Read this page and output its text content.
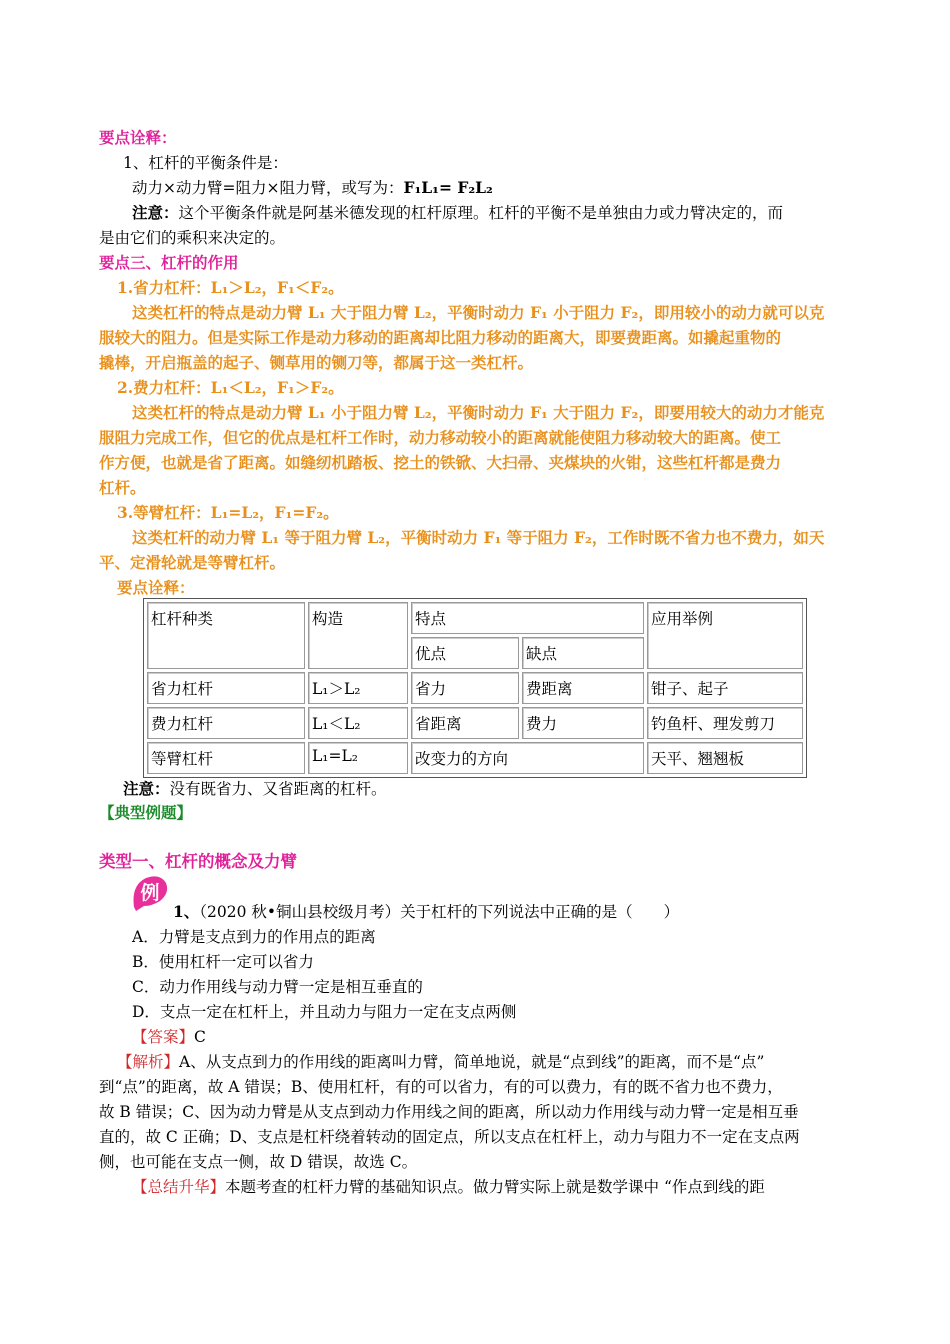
要点诠释：
1、杠杆的平衡条件是：
动力×动力臂=阻力×阻力臂，或写为：F₁L₁= F₂L₂
注意：这个平衡条件就是阿基米德发现的杠杆原理。杠杆的平衡不是单独由力或力臂决定的，而
是由它们的乘积来决定的。
要点三、杠杆的作用
1.省力杠杆：L₁＞L₂，F₁＜F₂。
这类杠杆的特点是动力臂 L₁ 大于阻力臂 L₂，平衡时动力 F₁ 小于阻力 F₂，即用较小的动力就可以克
服较大的阻力。但是实际工作是动力移动的距离却比阻力移动的距离大，即要费距离。如撬起重物的
撬棒，开启瓶盖的起子、铡草用的铡刀等，都属于这一类杠杆。
2.费力杠杆：L₁＜L₂，F₁＞F₂。
这类杠杆的特点是动力臂 L₁ 小于阻力臂 L₂，平衡时动力 F₁ 大于阻力 F₂，即要用较大的动力才能克
服阻力完成工作，但它的优点是杠杆工作时，动力移动较小的距离就能使阻力移动较大的距离。使工
作方便，也就是省了距离。如缝纫机踏板、挖土的铁锨、大扫帚、夹煤块的火钳，这些杠杆都是费力
杠杆。
3.等臂杠杆：L₁=L₂，F₁=F₂。
这类杠杆的动力臂 L₁ 等于阻力臂 L₂，平衡时动力 F₁ 等于阻力 F₂，工作时既不省力也不费力，如天
平、定滑轮就是等臂杠杆。
要点诠释：
杠杆种类	构造	特点		应用举例
		优点	缺点	
省力杠杆	L₁＞L₂	省力	费距离	钳子、起子
费力杠杆	L₁＜L₂	省距离	费力	钓鱼杆、理发剪刀
等臂杠杆	L₁=L₂	改变力的方向		天平、翘翘板
注意：没有既省力、又省距离的杠杆。
【典型例题】
类型一、杠杆的概念及力臂
例
1、（2020 秋•铜山县校级月考）关于杠杆的下列说法中正确的是（　　）
A．力臂是支点到力的作用点的距离
B．使用杠杆一定可以省力
C．动力作用线与动力臂一定是相互垂直的
D．支点一定在杠杆上，并且动力与阻力一定在支点两侧
【答案】C
【解析】A、从支点到力的作用线的距离叫力臂，简单地说，就是“点到线”的距离，而不是“点”
到“点”的距离，故 A 错误；B、使用杠杆，有的可以省力，有的可以费力，有的既不省力也不费力，
故 B 错误；C、因为动力臂是从支点到动力作用线之间的距离，所以动力作用线与动力臂一定是相互垂
直的，故 C 正确；D、支点是杠杆绕着转动的固定点，所以支点在杠杆上，动力与阻力不一定在支点两
侧，也可能在支点一侧，故 D 错误，故选 C。
【总结升华】本题考查的杠杆力臂的基础知识点。做力臂实际上就是数学课中 “作点到线的距
